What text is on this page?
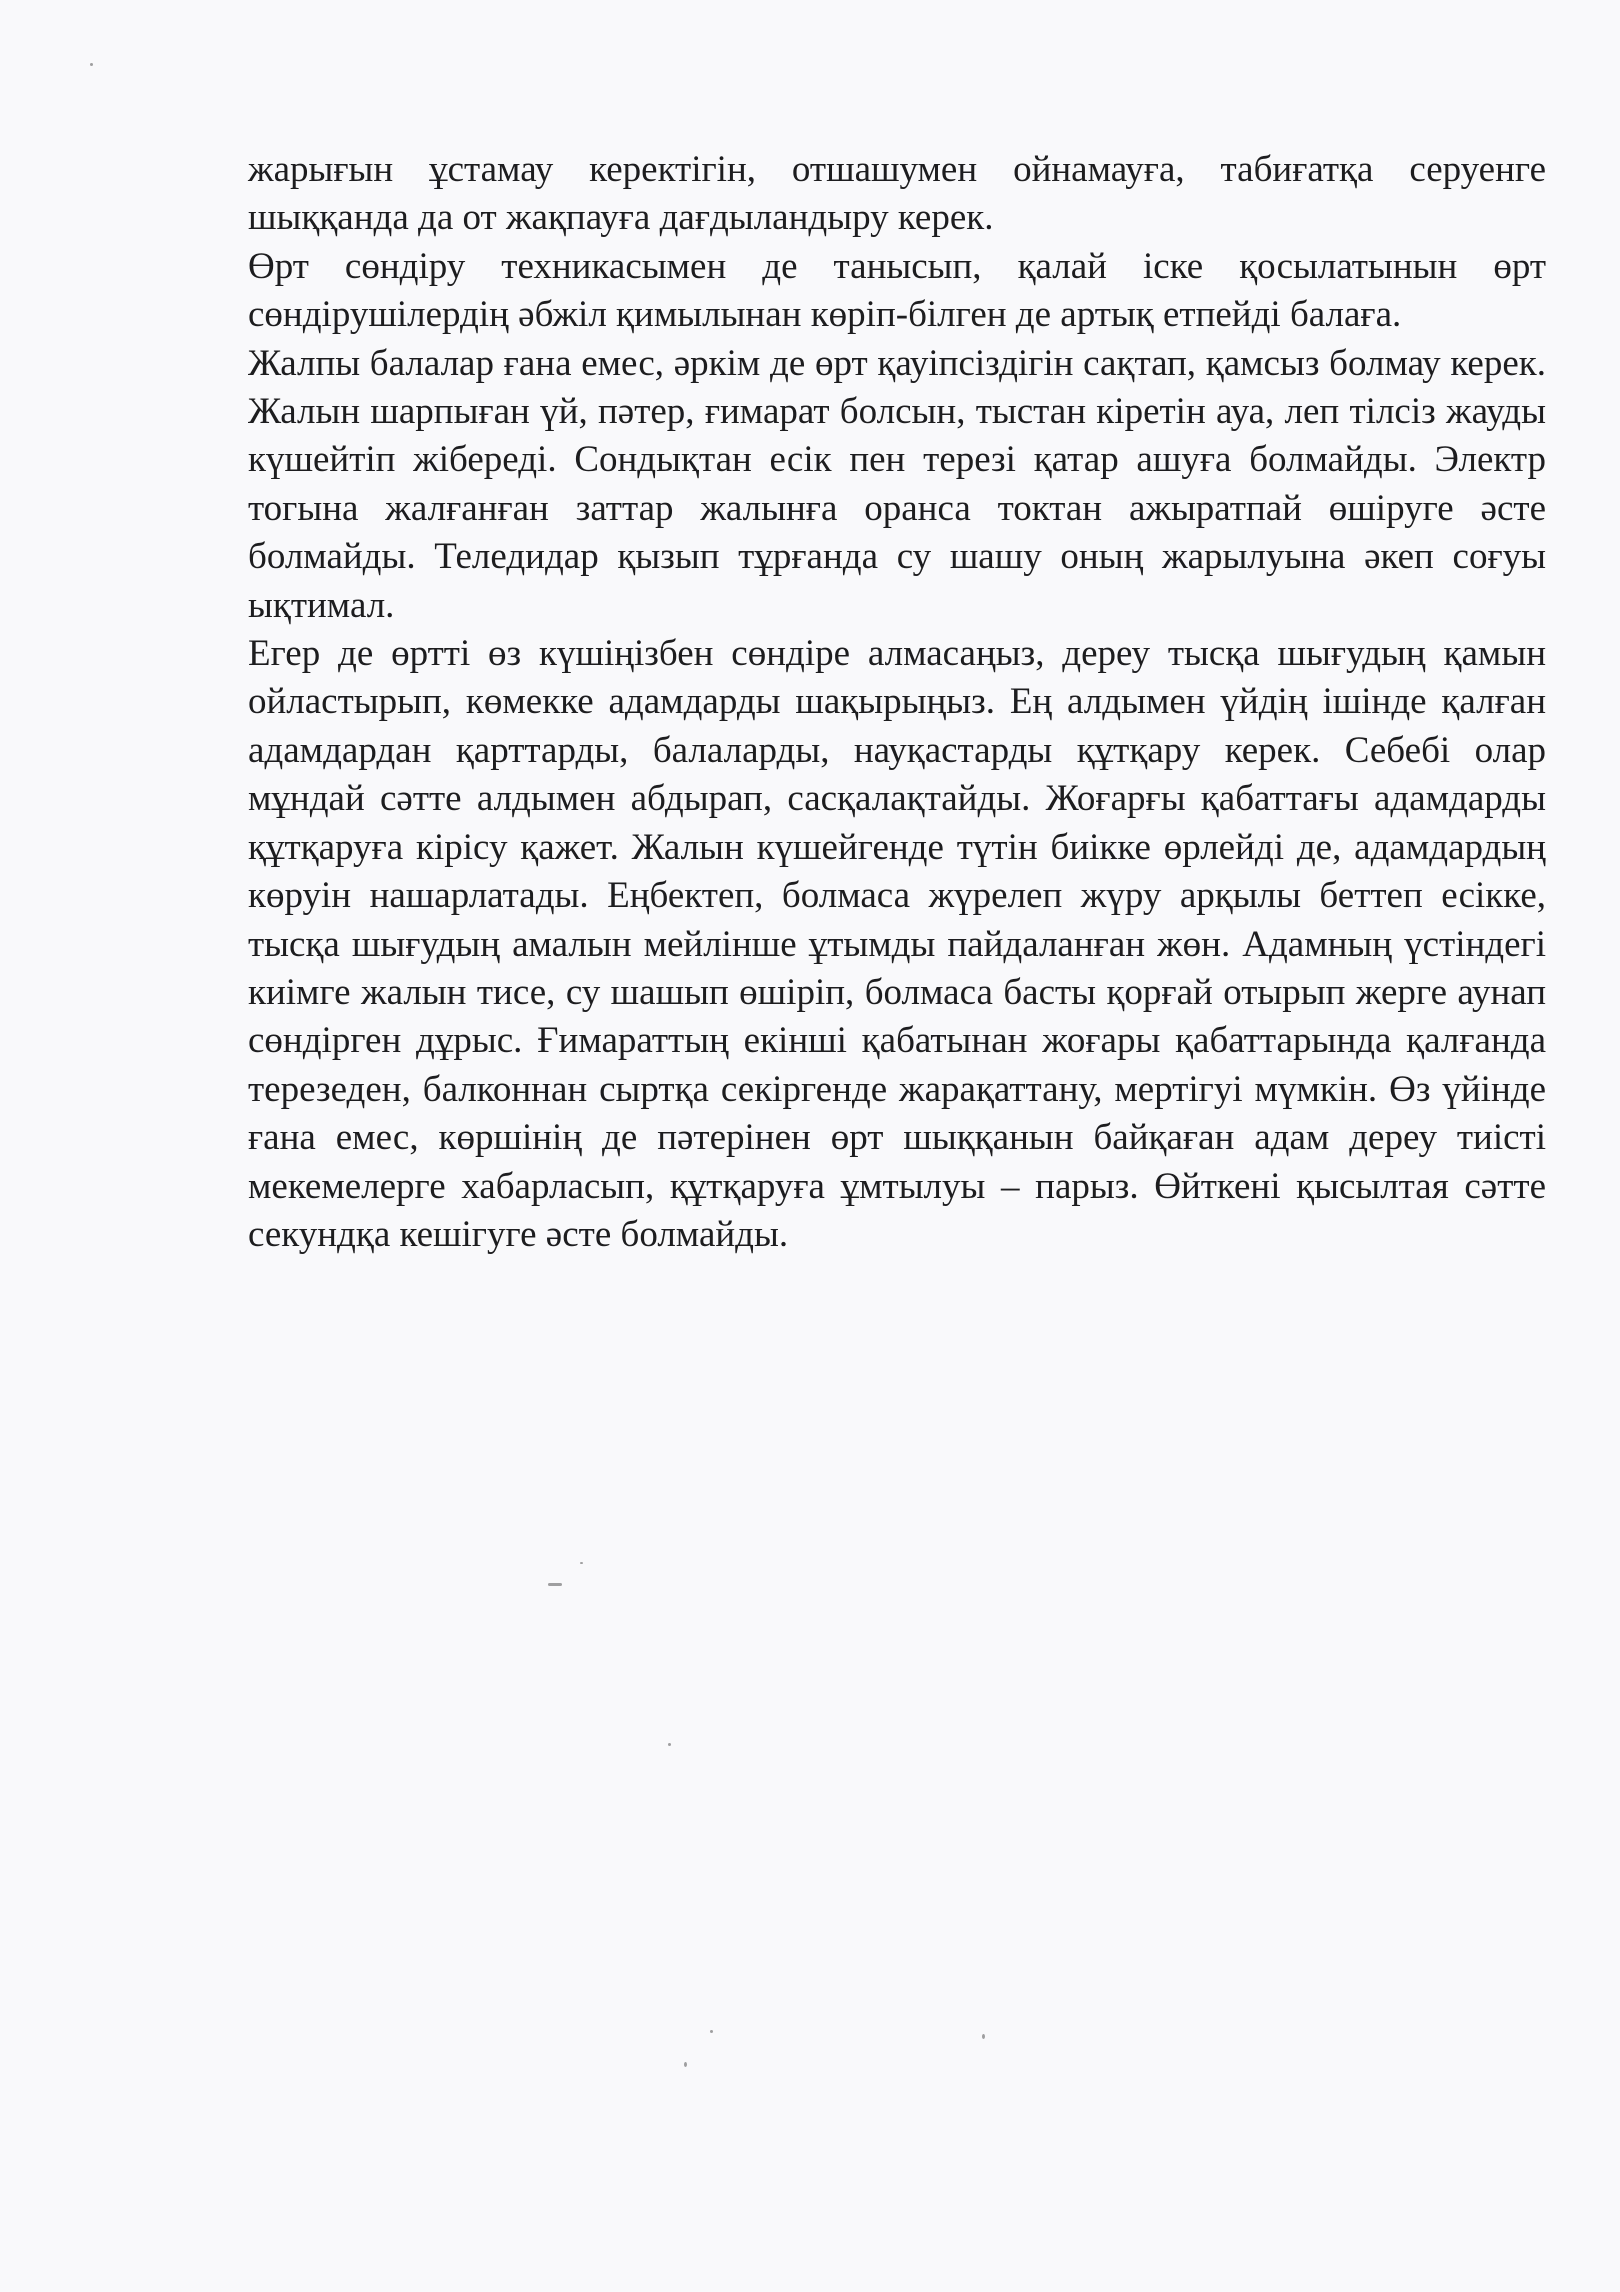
жарығын ұстамау керектігін, отшашумен ойнамауға, табиғатқа серуенге шыққанда да от жақпауға дағдыландыру керек.

Өрт сөндіру техникасымен де танысып, қалай іске қосылатынын өрт сөндірушілердің әбжіл қимылынан көріп-білген де артық етпейді балаға.

Жалпы балалар ғана емес, әркім де өрт қауіпсіздігін сақтап, қамсыз болмау керек. Жалын шарпыған үй, пәтер, ғимарат болсын, тыстан кіретін ауа, леп тілсіз жауды күшейтіп жібереді. Сондықтан есік пен терезі қатар ашуға болмайды. Электр тогына жалғанған заттар жалынға оранса токтан ажыратпай өшіруге әсте болмайды. Теледидар қызып тұрғанда су шашу оның жарылуына әкеп соғуы ықтимал.

Егер де өртті өз күшіңізбен сөндіре алмасаңыз, дереу тысқа шығудың қамын ойластырып, көмекке адамдарды шақырыңыз. Ең алдымен үйдің ішінде қалған адамдардан қарттарды, балаларды, науқастарды құтқару керек. Себебі олар мұндай сәтте алдымен абдырап, сасқалақтайды. Жоғарғы қабаттағы адамдарды құтқаруға кірісу қажет. Жалын күшейгенде түтін биікке өрлейді де, адамдардың көруін нашарлатады. Еңбектеп, болмаса жүрелеп жүру арқылы беттеп есікке, тысқа шығудың амалын мейлінше ұтымды пайдаланған жөн. Адамның үстіндегі киімге жалын тисе, су шашып өшіріп, болмаса басты қорғай отырып жерге аунап сөндірген дұрыс. Ғимараттың екінші қабатынан жоғары қабаттарында қалғанда терезеден, балконнан сыртқа секіргенде жарақаттану, мертігуі мүмкін. Өз үйінде ғана емес, көршінің де пәтерінен өрт шыққанын байқаған адам дереу тиісті мекемелерге хабарласып, құтқаруға ұмтылуы – парыз. Өйткені қысылтая сәтте секундқа кешігуге әсте болмайды.
